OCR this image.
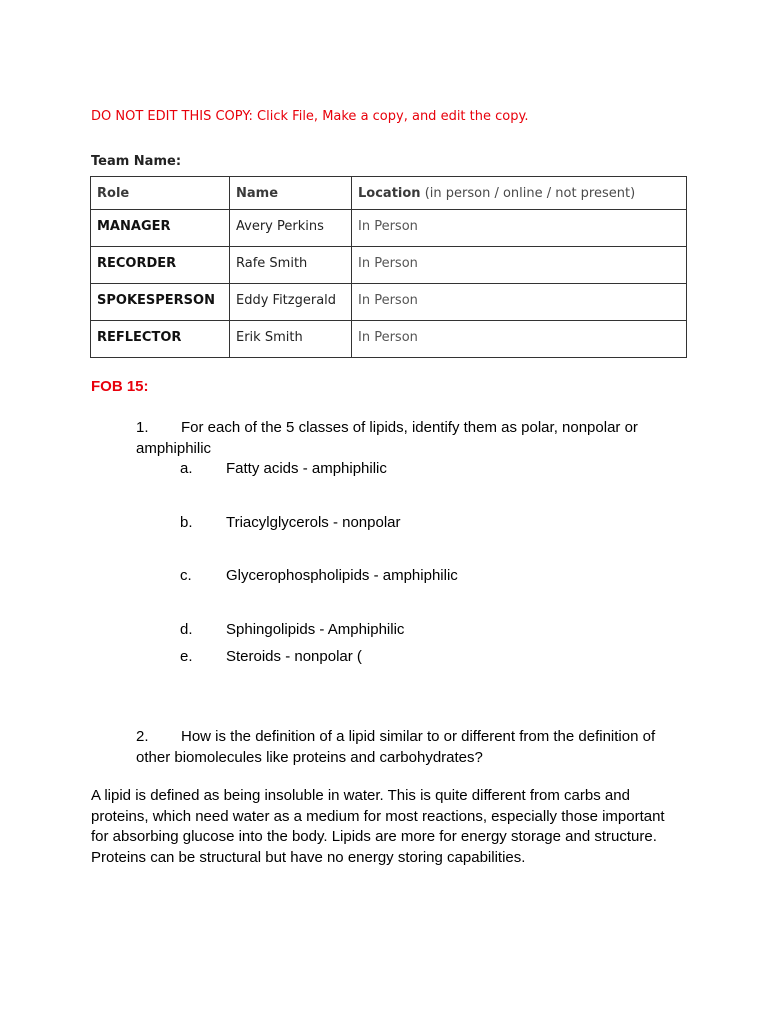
DO NOT EDIT THIS COPY: Click File, Make a copy, and edit the copy.
Team Name:
Role	Name	Location (in person / online / not present)
MANAGER	Avery Perkins	In Person
RECORDER	Rafe Smith	In Person
SPOKESPERSON	Eddy Fitzgerald	In Person
REFLECTOR	Erik Smith	In Person
FOB 15:
1. For each of the 5 classes of lipids, identify them as polar, nonpolar or amphiphilic
a. Fatty acids - amphiphilic
b. Triacylglycerols - nonpolar
c. Glycerophospholipids - amphiphilic
d. Sphingolipids - Amphiphilic
e. Steroids - nonpolar (
2. How is the definition of a lipid similar to or different from the definition of other biomolecules like proteins and carbohydrates?
A lipid is defined as being insoluble in water. This is quite different from carbs and proteins, which need water as a medium for most reactions, especially those important for absorbing glucose into the body. Lipids are more for energy storage and structure. Proteins can be structural but have no energy storing capabilities.
